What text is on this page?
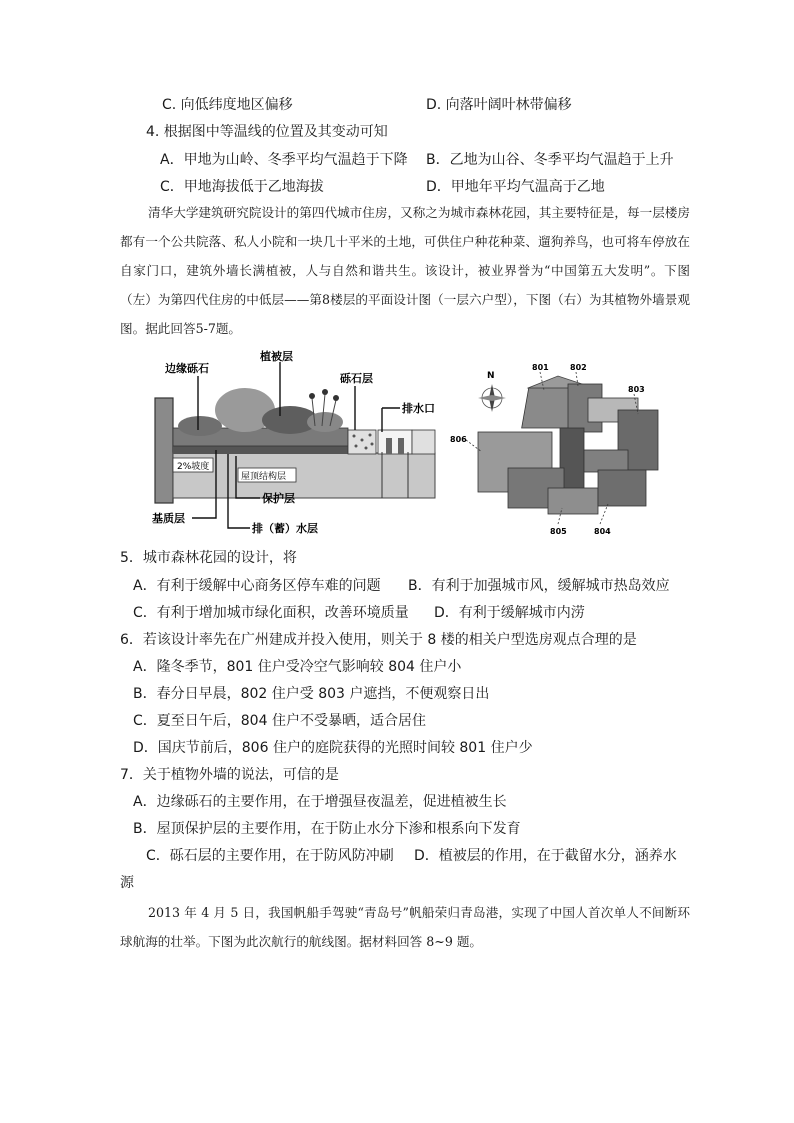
C. 向低纬度地区偏移	D. 向落叶阔叶林带偏移
4. 根据图中等温线的位置及其变动可知
A．甲地为山岭、冬季平均气温趋于下降 B．乙地为山谷、冬季平均气温趋于上升
C．甲地海拔低于乙地海拔	D．甲地年平均气温高于乙地

清华大学建筑研究院设计的第四代城市住房，又称之为城市森林花园，其主要特征是，每一层楼房都有一个公共院落、私人小院和一块几十平米的土地，可供住户种花种菜、遛狗养鸟，也可将车停放在自家门口，建筑外墙长满植被，人与自然和谐共生。该设计，被业界誉为“中国第五大发明”。下图（左）为第四代住房的中低层——第8楼层的平面设计图（一层六户型），下图（右）为其植物外墙景观图。据此回答5-7题。

2%坡度
屋顶结构层
边缘砾石
植被层
砾石层
排水口
保护层
基质层
排（蓄）水层
N
801	802
803
806
805	804
5．城市森林花园的设计，将
A．有利于缓解中心商务区停车难的问题 B．有利于加强城市风，缓解城市热岛效应
C．有利于增加城市绿化面积，改善环境质量 D．有利于缓解城市内涝
6．若该设计率先在广州建成并投入使用，则关于 8 楼的相关户型选房观点合理的是
A．隆冬季节，801 住户受冷空气影响较 804 住户小
B．春分日早晨，802 住户受 803 户遮挡，不便观察日出
C．夏至日午后，804 住户不受暴晒，适合居住
D．国庆节前后，806 住户的庭院获得的光照时间较 801 住户少
7．关于植物外墙的说法，可信的是
A．边缘砾石的主要作用，在于增强昼夜温差，促进植被生长
B．屋顶保护层的主要作用，在于防止水分下渗和根系向下发育
C．砾石层的主要作用，在于防风防冲刷 D．植被层的作用，在于截留水分，涵养水
源

2013 年 4 月 5 日，我国帆船手驾驶“青岛号”帆船荣归青岛港，实现了中国人首次单人不间断环球航海的壮举。下图为此次航行的航线图。据材料回答 8~9 题。
